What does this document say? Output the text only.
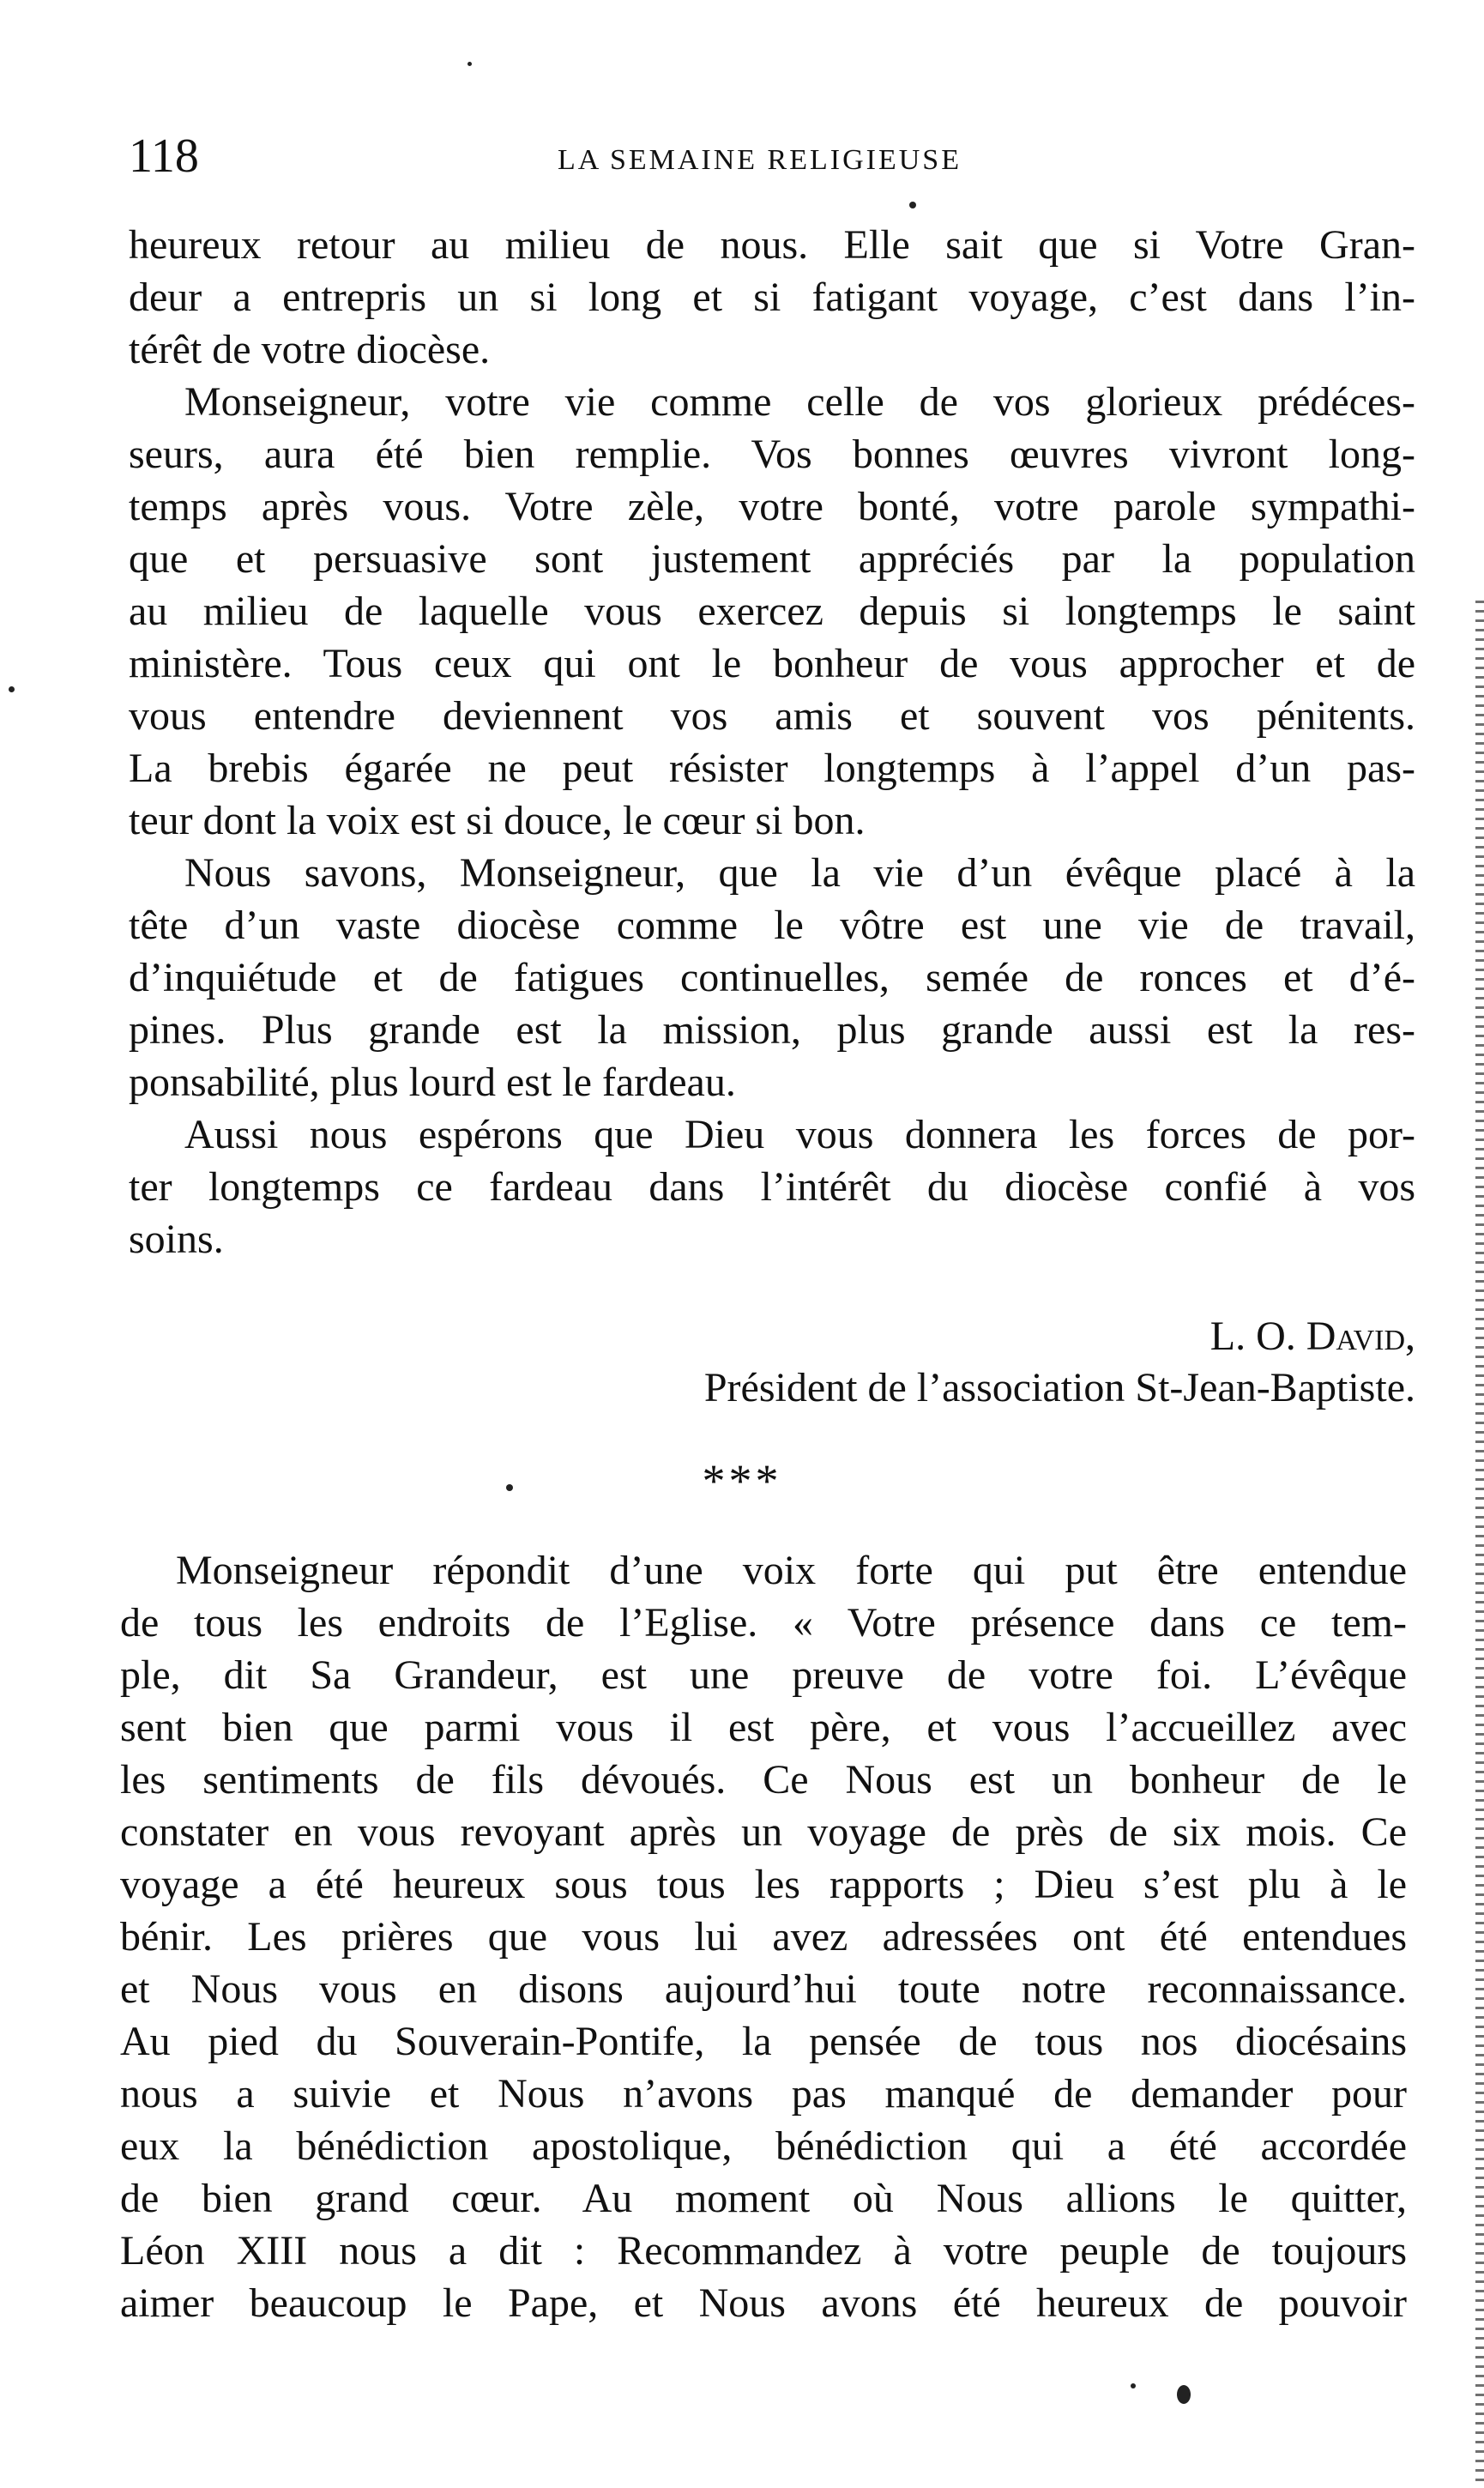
118	LA SEMAINE RELIGIEUSE
heureux retour au milieu de nous. Elle sait que si Votre Gran-
deur a entrepris un si long et si fatigant voyage, c’est dans l’in-
térêt de votre diocèse.
Monseigneur, votre vie comme celle de vos glorieux prédéces-
seurs, aura été bien remplie. Vos bonnes œuvres vivront long-
temps après vous. Votre zèle, votre bonté, votre parole sympathi-
que et persuasive sont justement appréciés par la population
au milieu de laquelle vous exercez depuis si longtemps le saint
ministère. Tous ceux qui ont le bonheur de vous approcher et de
vous entendre deviennent vos amis et souvent vos pénitents.
La brebis égarée ne peut résister longtemps à l’appel d’un pas-
teur dont la voix est si douce, le cœur si bon.
Nous savons, Monseigneur, que la vie d’un évêque placé à la
tête d’un vaste diocèse comme le vôtre est une vie de travail,
d’inquiétude et de fatigues continuelles, semée de ronces et d’é-
pines. Plus grande est la mission, plus grande aussi est la res-
ponsabilité, plus lourd est le fardeau.
Aussi nous espérons que Dieu vous donnera les forces de por-
ter longtemps ce fardeau dans l’intérêt du diocèse confié à vos
soins.
L. O. David,
Président de l’association St-Jean-Baptiste.
***
Monseigneur répondit d’une voix forte qui put être entendue
de tous les endroits de l’Eglise. « Votre présence dans ce tem-
ple, dit Sa Grandeur, est une preuve de votre foi. L’évêque
sent bien que parmi vous il est père, et vous l’accueillez avec
les sentiments de fils dévoués. Ce Nous est un bonheur de le
constater en vous revoyant après un voyage de près de six mois. Ce
voyage a été heureux sous tous les rapports ; Dieu s’est plu à le
bénir. Les prières que vous lui avez adressées ont été entendues
et Nous vous en disons aujourd’hui toute notre reconnaissance.
Au pied du Souverain-Pontife, la pensée de tous nos diocésains
nous a suivie et Nous n’avons pas manqué de demander pour
eux la bénédiction apostolique, bénédiction qui a été accordée
de bien grand cœur. Au moment où Nous allions le quitter,
Léon XIII nous a dit : Recommandez à votre peuple de toujours
aimer beaucoup le Pape, et Nous avons été heureux de pouvoir
